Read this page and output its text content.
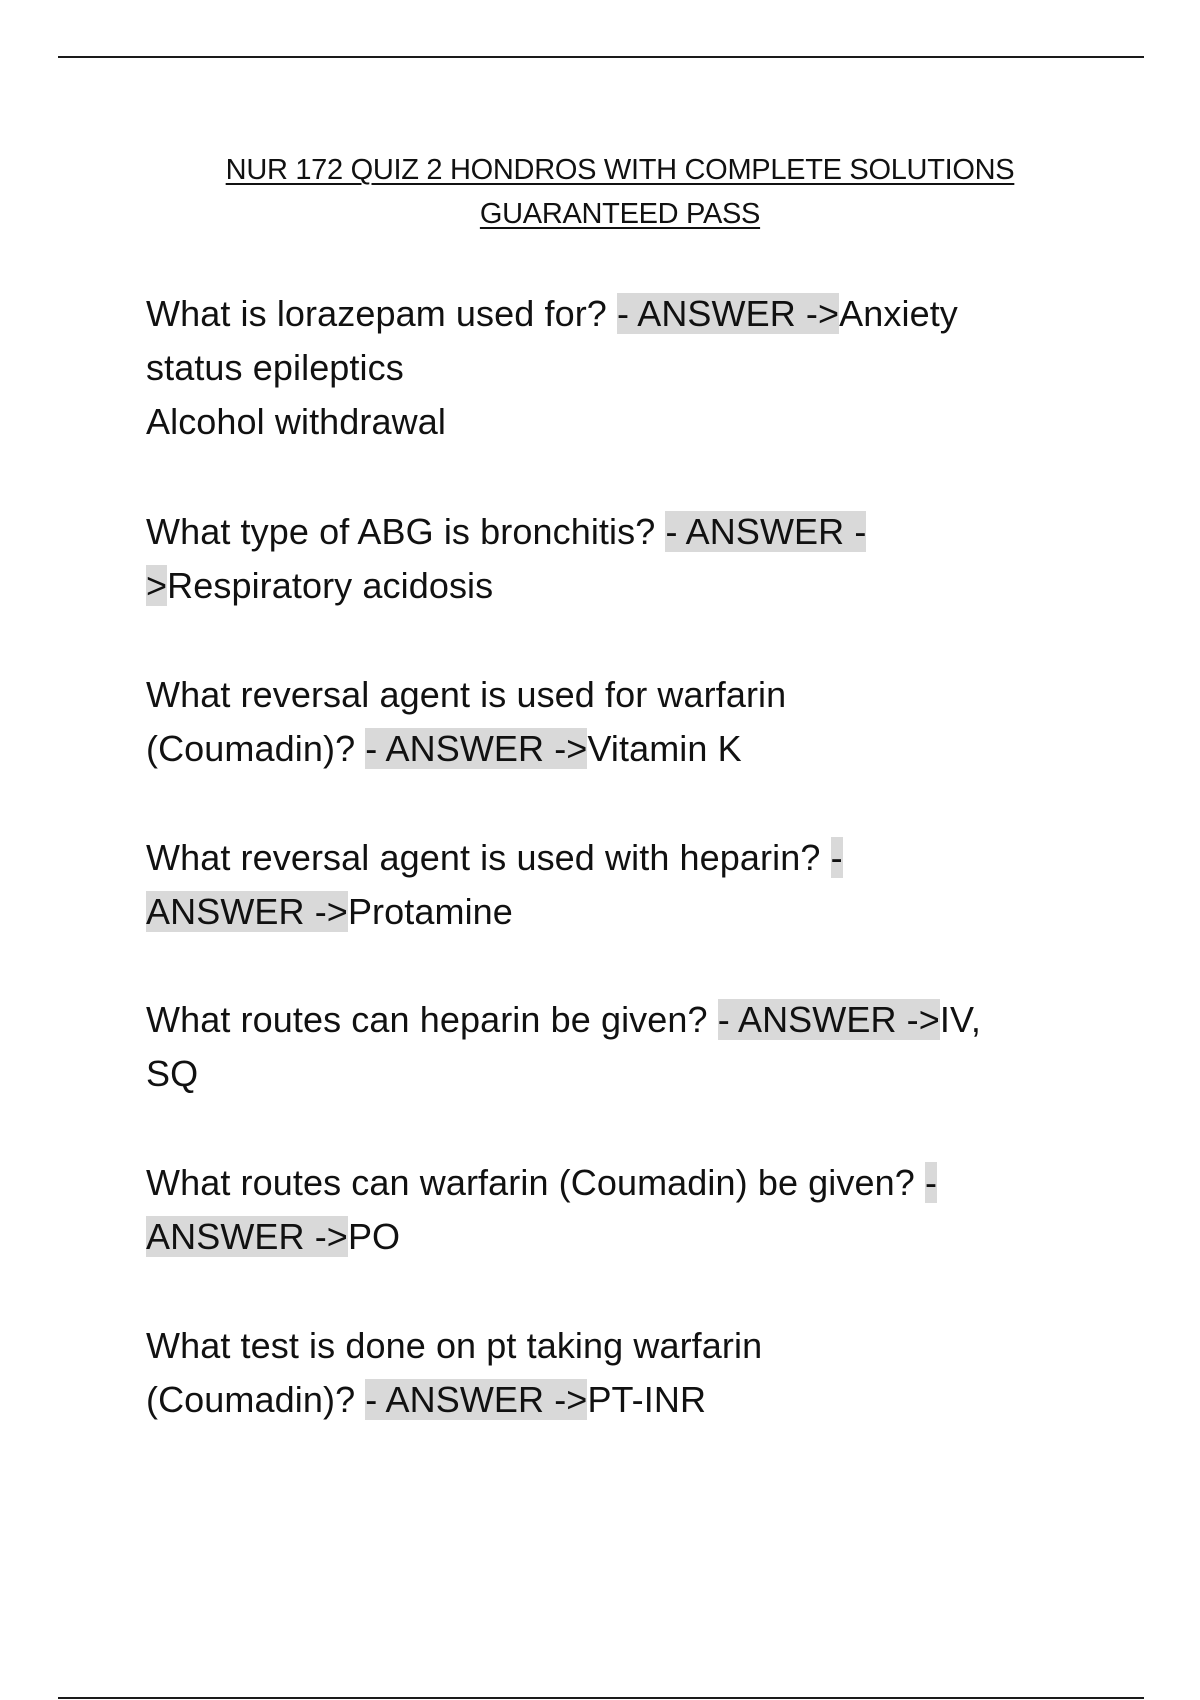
NUR 172 QUIZ 2 HONDROS WITH COMPLETE SOLUTIONS
GUARANTEED PASS
What is lorazepam used for? - ANSWER ->Anxiety
status epileptics
Alcohol withdrawal
What type of ABG is bronchitis? - ANSWER -
>Respiratory acidosis
What reversal agent is used for warfarin
(Coumadin)? - ANSWER ->Vitamin K
What reversal agent is used with heparin? -
ANSWER ->Protamine
What routes can heparin be given? - ANSWER ->IV,
SQ
What routes can warfarin (Coumadin) be given? -
ANSWER ->PO
What test is done on pt taking warfarin
(Coumadin)? - ANSWER ->PT-INR
